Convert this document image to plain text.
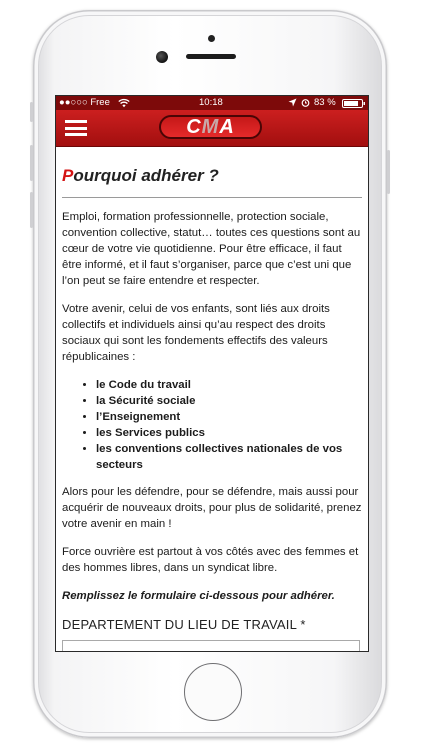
●●○○○ Free	10:18	83 %
CMA
Pourquoi adhérer ?

Emploi, formation professionnelle, protection sociale, convention collective, statut… toutes ces questions sont au cœur de votre vie quotidienne. Pour être efficace, il faut être informé, et il faut s’organiser, parce que c’est uni que l’on peut se faire entendre et respecter.

Votre avenir, celui de vos enfants, sont liés aux droits collectifs et individuels ainsi qu’au respect des droits sociaux qui sont les fondements effectifs des valeurs républicaines :

• le Code du travail
• la Sécurité sociale
• l’Enseignement
• les Services publics
• les conventions collectives nationales de vos secteurs

Alors pour les défendre, pour se défendre, mais aussi pour acquérir de nouveaux droits, pour plus de solidarité, prenez votre avenir en main !

Force ouvrière est partout à vos côtés avec des femmes et des hommes libres, dans un syndicat libre.

Remplissez le formulaire ci-dessous pour adhérer.

DEPARTEMENT DU LIEU DE TRAVAIL *
